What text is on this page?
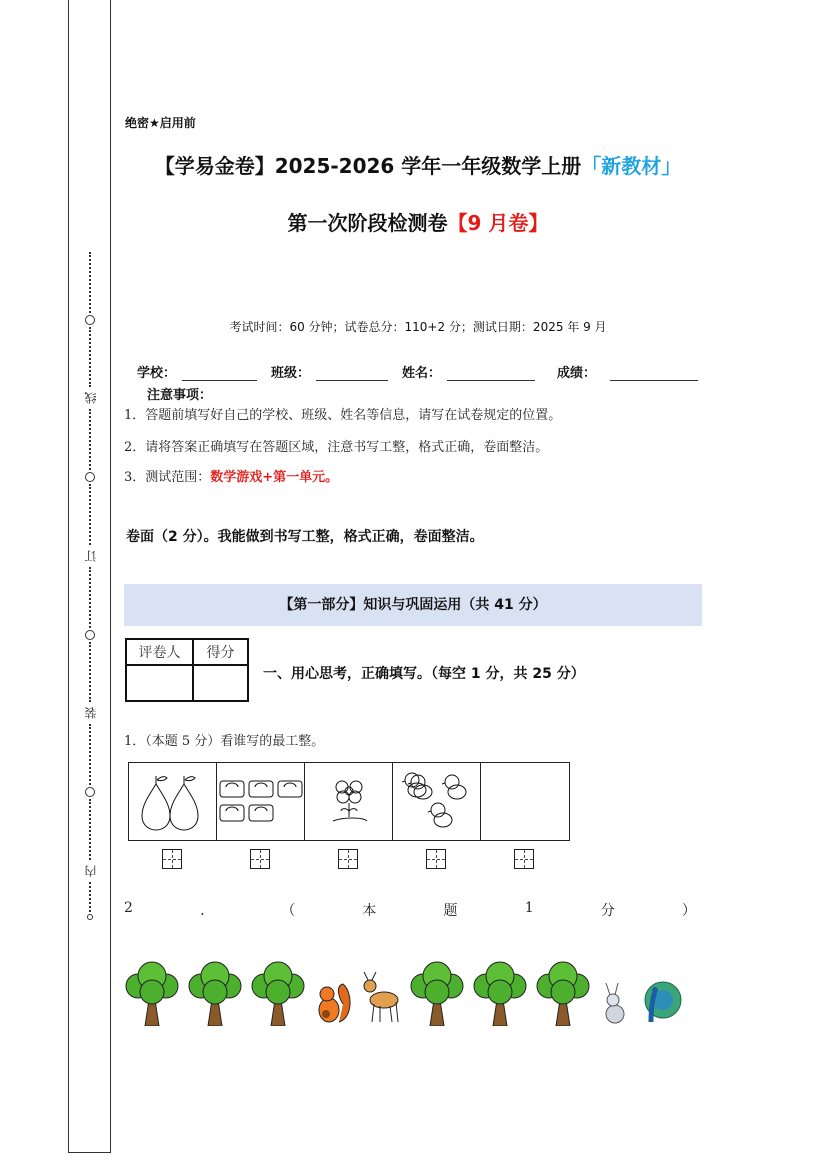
内
装
订
线
绝密★启用前
【学易金卷】2025-2026 学年一年级数学上册「新教材」
第一次阶段检测卷【9 月卷】
考试时间：60 分钟；试卷总分：110+2 分；测试日期：2025 年 9 月
学校：	班级：	姓名：	成绩：
注意事项：
1．答题前填写好自己的学校、班级、姓名等信息，请写在试卷规定的位置。
2．请将答案正确填写在答题区域，注意书写工整，格式正确，卷面整洁。
3．测试范围：数学游戏+第一单元。
卷面（2 分）。我能做到书写工整，格式正确，卷面整洁。
【第一部分】知识与巩固运用（共 41 分）
评卷人	得分

一、用心思考，正确填写。（每空 1 分，共 25 分）
1．（本题 5 分）看谁写的最工整。
2	．	（	本	题	1	分	）
